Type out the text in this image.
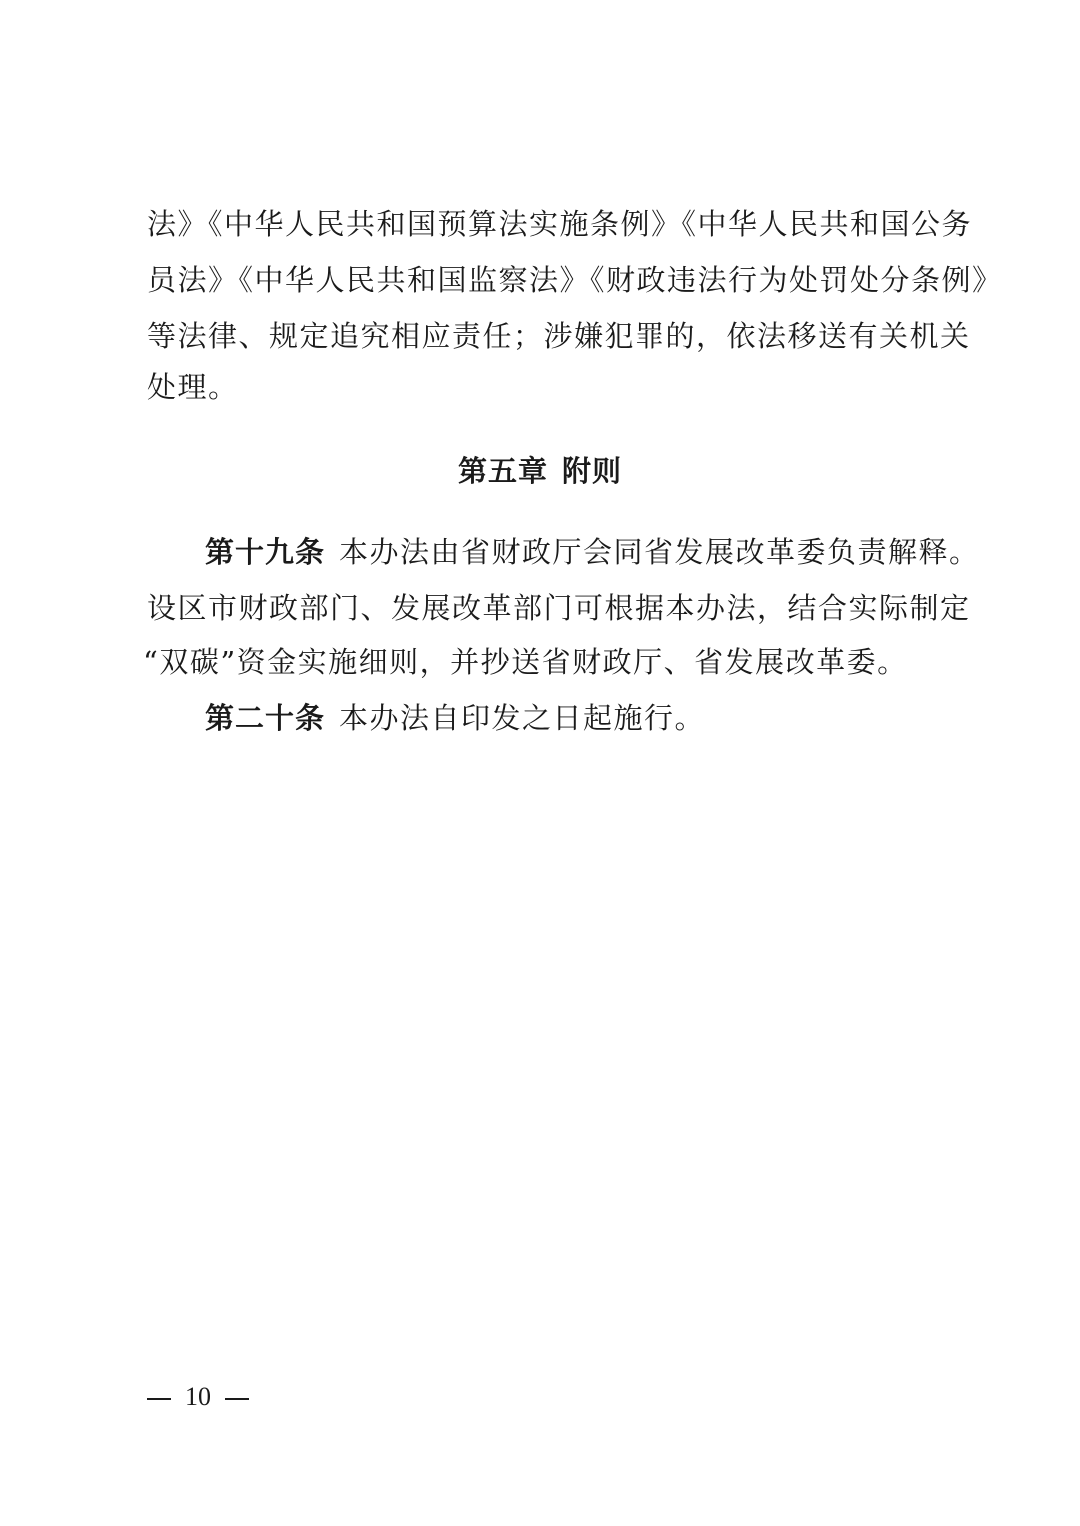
法》《中华人民共和国预算法实施条例》《中华人民共和国公务
员法》《中华人民共和国监察法》《财政违法行为处罚处分条例》
等法律、规定追究相应责任；涉嫌犯罪的，依法移送有关机关
处理。
第五章 附则
第十九条 本办法由省财政厅会同省发展改革委负责解释。
设区市财政部门、发展改革部门可根据本办法，结合实际制定
“双碳”资金实施细则，并抄送省财政厅、省发展改革委。
第二十条 本办法自印发之日起施行。
10
